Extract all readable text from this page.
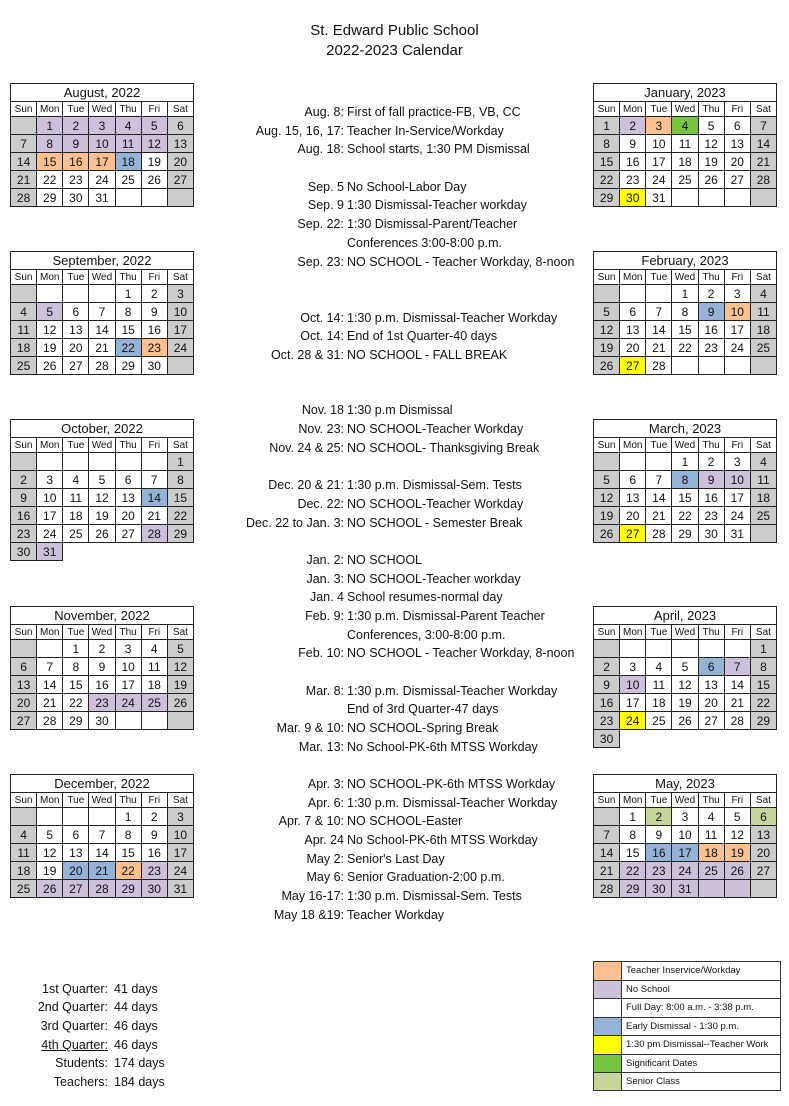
St. Edward Public School
2022-2023 Calendar
August, 2022						
Sun	Mon	Tue	Wed	Thu	Fri	Sat
	1	2	3	4	5	6
7	8	9	10	11	12	13
14	15	16	17	18	19	20
21	22	23	24	25	26	27
28	29	30	31			
September, 2022						
Sun	Mon	Tue	Wed	Thu	Fri	Sat
				1	2	3
4	5	6	7	8	9	10
11	12	13	14	15	16	17
18	19	20	21	22	23	24
25	26	27	28	29	30	
October, 2022						
Sun	Mon	Tue	Wed	Thu	Fri	Sat
						1
2	3	4	5	6	7	8
9	10	11	12	13	14	15
16	17	18	19	20	21	22
23	24	25	26	27	28	29
30	31					
November, 2022						
Sun	Mon	Tue	Wed	Thu	Fri	Sat
		1	2	3	4	5
6	7	8	9	10	11	12
13	14	15	16	17	18	19
20	21	22	23	24	25	26
27	28	29	30			
December, 2022						
Sun	Mon	Tue	Wed	Thu	Fri	Sat
				1	2	3
4	5	6	7	8	9	10
11	12	13	14	15	16	17
18	19	20	21	22	23	24
25	26	27	28	29	30	31
January, 2023						
Sun	Mon	Tue	Wed	Thu	Fri	Sat
1	2	3	4	5	6	7
8	9	10	11	12	13	14
15	16	17	18	19	20	21
22	23	24	25	26	27	28
29	30	31				
February, 2023						
Sun	Mon	Tue	Wed	Thu	Fri	Sat
			1	2	3	4
5	6	7	8	9	10	11
12	13	14	15	16	17	18
19	20	21	22	23	24	25
26	27	28				
March, 2023						
Sun	Mon	Tue	Wed	Thu	Fri	Sat
			1	2	3	4
5	6	7	8	9	10	11
12	13	14	15	16	17	18
19	20	21	22	23	24	25
26	27	28	29	30	31	
April, 2023						
Sun	Mon	Tue	Wed	Thu	Fri	Sat
						1
2	3	4	5	6	7	8
9	10	11	12	13	14	15
16	17	18	19	20	21	22
23	24	25	26	27	28	29
30						
May, 2023						
Sun	Mon	Tue	Wed	Thu	Fri	Sat
	1	2	3	4	5	6
7	8	9	10	11	12	13
14	15	16	17	18	19	20
21	22	23	24	25	26	27
28	29	30	31			
Aug. 8: First of fall practice-FB, VB, CC
Aug. 15, 16, 17: Teacher In-Service/Workday
Aug. 18: School starts, 1:30 PM Dismissal
Sep. 5 No School-Labor Day
Sep. 9 1:30 Dismissal-Teacher workday
Sep. 22: 1:30 Dismissal-Parent/Teacher
Conferences 3:00-8:00 p.m.
Sep. 23: NO SCHOOL - Teacher Workday, 8-noon
Oct. 14: 1:30 p.m. Dismissal-Teacher Workday
Oct. 14: End of 1st Quarter-40 days
Oct. 28 & 31: NO SCHOOL - FALL BREAK
Nov. 18 1:30 p.m Dismissal
Nov. 23: NO SCHOOL-Teacher Workday
Nov. 24 & 25: NO SCHOOL- Thanksgiving Break
Dec. 20 & 21: 1:30 p.m. Dismissal-Sem. Tests
Dec. 22: NO SCHOOL-Teacher Workday
Dec. 22 to Jan. 3: NO SCHOOL - Semester Break
Jan. 2: NO SCHOOL
Jan. 3: NO SCHOOL-Teacher workday
Jan. 4 School resumes-normal day
Feb. 9: 1:30 p.m. Dismissal-Parent Teacher
Conferences, 3:00-8:00 p.m.
Feb. 10: NO SCHOOL - Teacher Workday, 8-noon
Mar. 8: 1:30 p.m. Dismissal-Teacher Workday
End of 3rd Quarter-47 days
Mar. 9 & 10: NO SCHOOL-Spring Break
Mar. 13: No School-PK-6th MTSS Workday
Apr. 3: NO SCHOOL-PK-6th MTSS Workday
Apr. 6: 1:30 p.m. Dismissal-Teacher Workday
Apr. 7 & 10: NO SCHOOL-Easter
Apr. 24 No School-PK-6th MTSS Workday
May 2: Senior's Last Day
May 6: Senior Graduation-2:00 p.m.
May 16-17: 1:30 p.m. Dismissal-Sem. Tests
May 18 &19: Teacher Workday
1st Quarter: 41 days
2nd Quarter: 44 days
3rd Quarter: 46 days
4th Quarter: 46 days
Students: 174 days
Teachers: 184 days
Teacher Inservice/Workday
No School
Full Day: 8:00 a.m. - 3:38 p.m.
Early Dismissal - 1:30 p.m.
1:30 pm Dismissal--Teacher Work
Significant Dates
Senior Class
